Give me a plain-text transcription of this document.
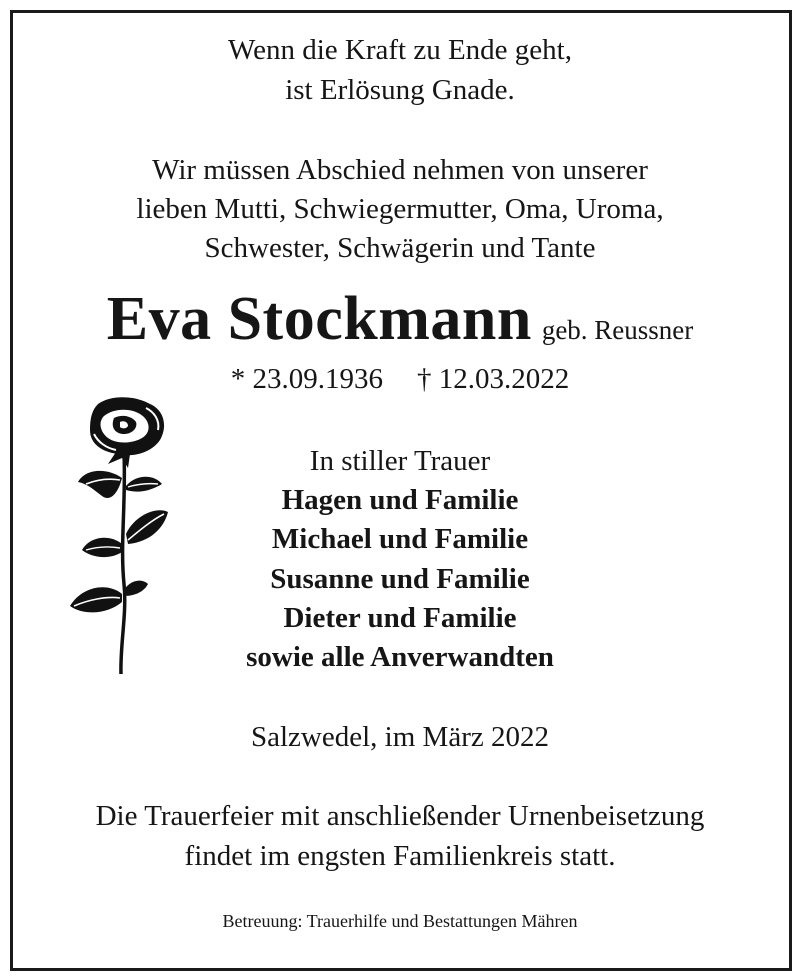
Wenn die Kraft zu Ende geht,
ist Erlösung Gnade.
Wir müssen Abschied nehmen von unserer
lieben Mutti, Schwiegermutter, Oma, Uroma,
Schwester, Schwägerin und Tante
Eva Stockmann geb. Reussner
* 23.09.1936 † 12.03.2022
In stiller Trauer
Hagen und Familie
Michael und Familie
Susanne und Familie
Dieter und Familie
sowie alle Anverwandten
Salzwedel, im März 2022
Die Trauerfeier mit anschließender Urnenbeisetzung
findet im engsten Familienkreis statt.
Betreuung: Trauerhilfe und Bestattungen Mähren
